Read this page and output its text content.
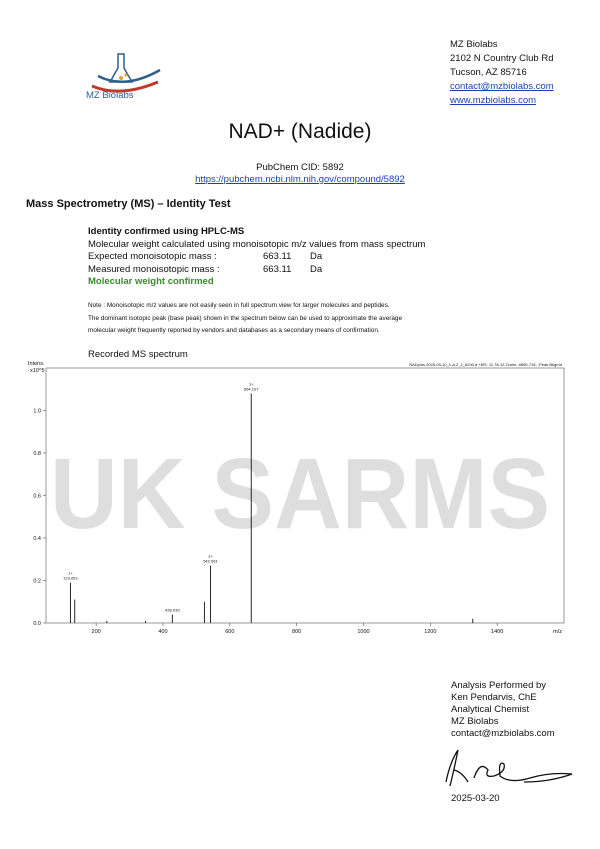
UK SARMS
MZ Biolabs
MZ Biolabs
2102 N Country Club Rd
Tucson, AZ 85716
contact@mzbiolabs.com
www.mzbiolabs.com
NAD+ (Nadide)
PubChem CID: 5892
https://pubchem.ncbi.nlm.nih.gov/compound/5892
Mass Spectrometry (MS) – Identity Test
Identity confirmed using HPLC-MS
Molecular weight calculated using monoisotopic m/z values from mass spectrum
Expected monoisotopic mass :	663.11 Da
Measured monoisotopic mass :	663.11 Da
Molecular weight confirmed
Note : Monoisotopic m/z values are not easily seen in full spectrum view for larger molecules and peptides.
The dominant isotopic peak (base peak) shown in the spectrum below can be used to approximate the average
molecular weight frequently reported by vendors and databases as a secondary means of confirmation.
Recorded MS spectrum
Intens.
x10^5
NADplus 2025-03-10_1-A,2_1_6240.d +MS, 11.78-12.21min, #690-715, -Peak Bkgrnd
0.0
0.2
0.4
0.6
0.8
1.0
200	400	600	800	1000	1200	1400	m/z
1+
123.053
428.039
1+
542.061
1+
664.107
Analysis Performed by
Ken Pendarvis, ChE
Analytical Chemist
MZ Biolabs
contact@mzbiolabs.com
2025-03-20
